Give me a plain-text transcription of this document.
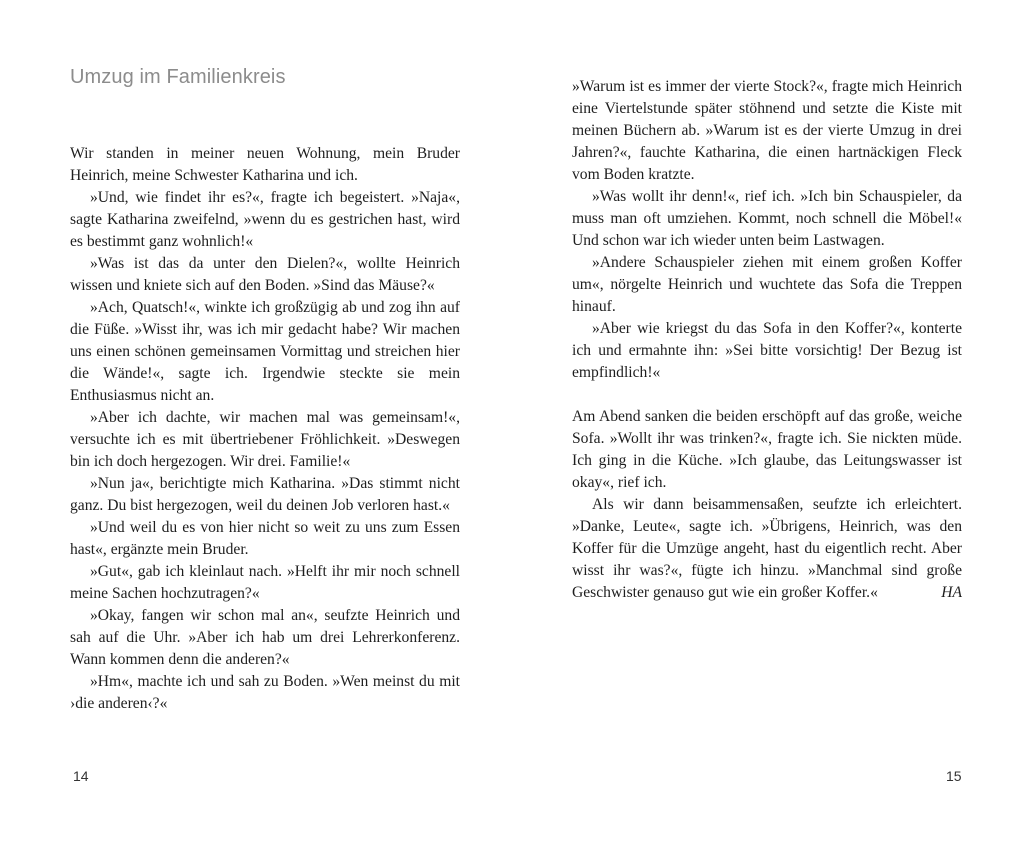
Umzug im Familienkreis

Wir standen in meiner neuen Wohnung, mein Bruder Heinrich, meine Schwester Katharina und ich.

»Und, wie findet ihr es?«, fragte ich begeistert. »Naja«, sagte Katharina zweifelnd, »wenn du es gestrichen hast, wird es bestimmt ganz wohnlich!«

»Was ist das da unter den Dielen?«, wollte Heinrich wissen und kniete sich auf den Boden. »Sind das Mäuse?«

»Ach, Quatsch!«, winkte ich großzügig ab und zog ihn auf die Füße. »Wisst ihr, was ich mir gedacht habe? Wir machen uns einen schönen gemeinsamen Vormittag und streichen hier die Wände!«, sagte ich. Irgendwie steckte sie mein Enthusiasmus nicht an.

»Aber ich dachte, wir machen mal was gemeinsam!«, versuchte ich es mit übertriebener Fröhlichkeit. »Deswegen bin ich doch hergezogen. Wir drei. Familie!«

»Nun ja«, berichtigte mich Katharina. »Das stimmt nicht ganz. Du bist hergezogen, weil du deinen Job verloren hast.«

»Und weil du es von hier nicht so weit zu uns zum Essen hast«, ergänzte mein Bruder.

»Gut«, gab ich kleinlaut nach. »Helft ihr mir noch schnell meine Sachen hochzutragen?«

»Okay, fangen wir schon mal an«, seufzte Heinrich und sah auf die Uhr. »Aber ich hab um drei Lehrerkonferenz. Wann kommen denn die anderen?«

»Hm«, machte ich und sah zu Boden. »Wen meinst du mit ›die anderen‹?«

14

»Warum ist es immer der vierte Stock?«, fragte mich Heinrich eine Viertelstunde später stöhnend und setzte die Kiste mit meinen Büchern ab. »Warum ist es der vierte Umzug in drei Jahren?«, fauchte Katharina, die einen hartnäckigen Fleck vom Boden kratzte.

»Was wollt ihr denn!«, rief ich. »Ich bin Schauspieler, da muss man oft umziehen. Kommt, noch schnell die Möbel!« Und schon war ich wieder unten beim Lastwagen.

»Andere Schauspieler ziehen mit einem großen Koffer um«, nörgelte Heinrich und wuchtete das Sofa die Treppen hinauf.

»Aber wie kriegst du das Sofa in den Koffer?«, konterte ich und ermahnte ihn: »Sei bitte vorsichtig! Der Bezug ist empfindlich!«

Am Abend sanken die beiden erschöpft auf das große, weiche Sofa. »Wollt ihr was trinken?«, fragte ich. Sie nickten müde. Ich ging in die Küche. »Ich glaube, das Leitungswasser ist okay«, rief ich.

Als wir dann beisammensaßen, seufzte ich erleichtert. »Danke, Leute«, sagte ich. »Übrigens, Heinrich, was den Koffer für die Umzüge angeht, hast du eigentlich recht. Aber wisst ihr was?«, fügte ich hinzu. »Manchmal sind große Geschwister genauso gut wie ein großer Koffer.«	HA

15
